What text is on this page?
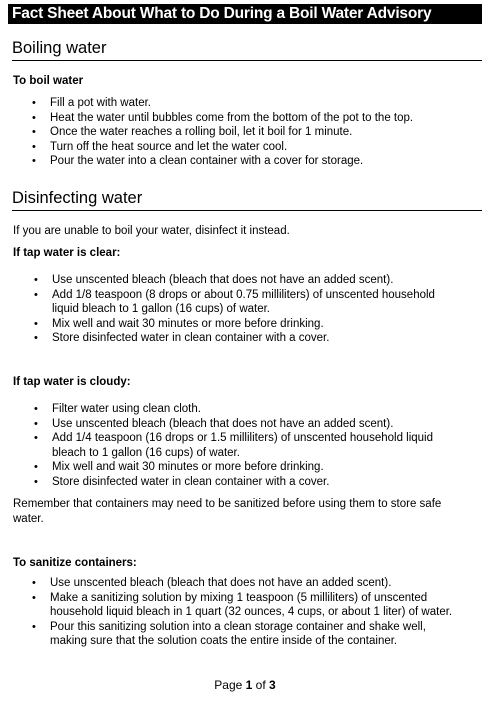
Fact Sheet About What to Do During a Boil Water Advisory
Boiling water
To boil water
• Fill a pot with water.
• Heat the water until bubbles come from the bottom of the pot to the top.
• Once the water reaches a rolling boil, let it boil for 1 minute.
• Turn off the heat source and let the water cool.
• Pour the water into a clean container with a cover for storage.
Disinfecting water

If you are unable to boil your water, disinfect it instead.

If tap water is clear:
• Use unscented bleach (bleach that does not have an added scent).
• Add 1/8 teaspoon (8 drops or about 0.75 milliliters) of unscented household liquid bleach to 1 gallon (16 cups) of water.
• Mix well and wait 30 minutes or more before drinking.
• Store disinfected water in clean container with a cover.
If tap water is cloudy:
• Filter water using clean cloth.
• Use unscented bleach (bleach that does not have an added scent).
• Add 1/4 teaspoon (16 drops or 1.5 milliliters) of unscented household liquid bleach to 1 gallon (16 cups) of water.
• Mix well and wait 30 minutes or more before drinking.
• Store disinfected water in clean container with a cover.

Remember that containers may need to be sanitized before using them to store safe water.

To sanitize containers:
• Use unscented bleach (bleach that does not have an added scent).
• Make a sanitizing solution by mixing 1 teaspoon (5 milliliters) of unscented household liquid bleach in 1 quart (32 ounces, 4 cups, or about 1 liter) of water.
• Pour this sanitizing solution into a clean storage container and shake well, making sure that the solution coats the entire inside of the container.
Page 1 of 3
